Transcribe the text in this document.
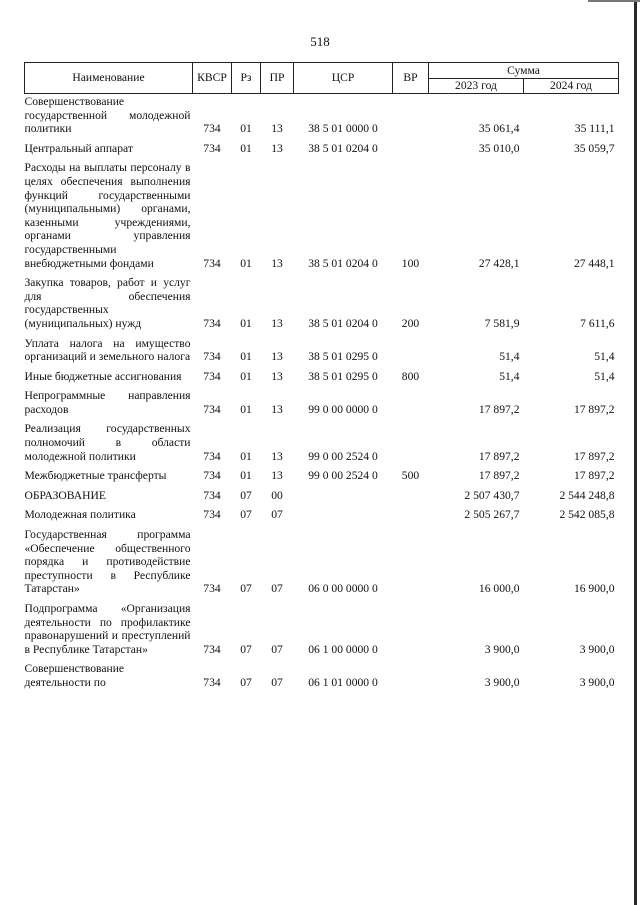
518
Наименование	КВСР	Рз	ПР	ЦСР	ВР	Сумма	
						2023 год	2024 год
Совершенствование государственной молодежной политики	734	01	13	38 5 01 0000 0		35 061,4	35 111,1
Центральный аппарат	734	01	13	38 5 01 0204 0		35 010,0	35 059,7
Расходы на выплаты персоналу в целях обеспечения выполнения функций государственными (муниципальными) органами, казенными учреждениями, органами управления государственными внебюджетными фондами	734	01	13	38 5 01 0204 0	100	27 428,1	27 448,1
Закупка товаров, работ и услуг для обеспечения государственных (муниципальных) нужд	734	01	13	38 5 01 0204 0	200	7 581,9	7 611,6
Уплата налога на имущество организаций и земельного налога	734	01	13	38 5 01 0295 0		51,4	51,4
Иные бюджетные ассигнования	734	01	13	38 5 01 0295 0	800	51,4	51,4
Непрограммные направления расходов	734	01	13	99 0 00 0000 0		17 897,2	17 897,2
Реализация государственных полномочий в области молодежной политики	734	01	13	99 0 00 2524 0		17 897,2	17 897,2
Межбюджетные трансферты	734	01	13	99 0 00 2524 0	500	17 897,2	17 897,2
ОБРАЗОВАНИЕ	734	07	00			2 507 430,7	2 544 248,8
Молодежная политика	734	07	07			2 505 267,7	2 542 085,8
Государственная программа «Обеспечение общественного порядка и противодействие преступности в Республике Татарстан»	734	07	07	06 0 00 0000 0		16 000,0	16 900,0
Подпрограмма «Организация деятельности по профилактике правонарушений и преступлений в Республике Татарстан»	734	07	07	06 1 00 0000 0		3 900,0	3 900,0
Совершенствование деятельности по	734	07	07	06 1 01 0000 0		3 900,0	3 900,0
